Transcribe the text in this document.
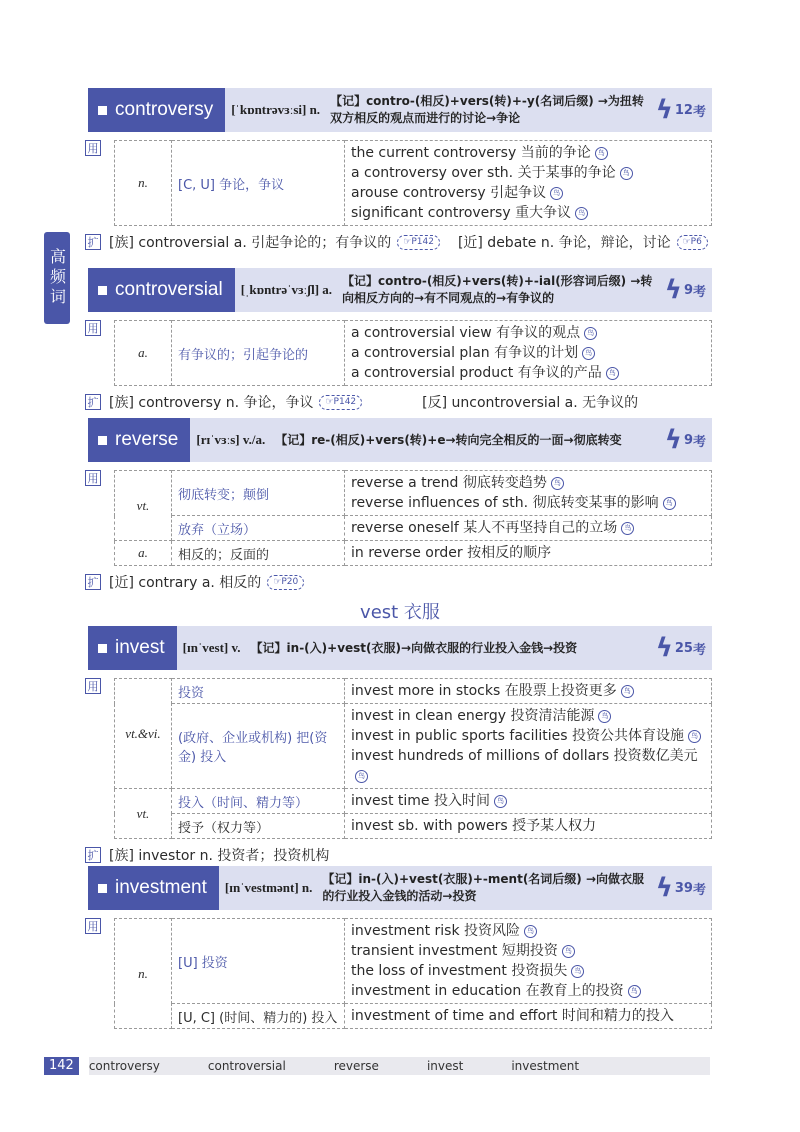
高频词
controversy [ˈkɒntrəvɜːsi] n.
【记】contro-(相反)+vers(转)+-y(名词后缀) →为扭转双方相反的观点而进行的讨论→争论	ϟ 12 考
用
n.	[C, U] 争论，争议	
the current controversy 当前的争论 鸟
a controversy over sth. 关于某事的争论 鸟
arouse controversy 引起争议 鸟
significant controversy 重大争议 鸟
扩 [族] controversial a. 引起争论的；有争议的	☞P142	[近] debate n. 争论，辩论，讨论	☞P6
controversial [ˌkɒntrəˈvɜːʃl] a.
【记】contro-(相反)+vers(转)+-ial(形容词后缀) →转向相反方向的→有不同观点的→有争议的	ϟ 9 考
用
a.	有争议的；引起争论的	
a controversial view 有争议的观点 鸟
a controversial plan 有争议的计划 鸟
a controversial product 有争议的产品 鸟
扩 [族] controversy n. 争论，争议	☞P142	[反] uncontroversial a. 无争议的
reverse [rɪˈvɜːs] v./a. 【记】re-(相反)+vers(转)+e→转向完全相反的一面→彻底转变	ϟ 9 考
用
vt.	彻底转变；颠倒	reverse a trend 彻底转变趋势 鸟
reverse influences of sth. 彻底转变某事的影响 鸟

	放弃（立场）	reverse oneself 某人不再坚持自己的立场 鸟

a.	相反的；反面的	in reverse order 按相反的顺序
扩 [近] contrary a. 相反的	☞P20
vest 衣服
invest [ɪnˈvest] v. 【记】in-(入)+vest(衣服)→向做衣服的行业投入金钱→投资	ϟ 25 考
用
vt.&vi.	投资	invest more in stocks 在股票上投资更多 鸟

	(政府、企业或机构) 把(资金) 投入	invest in clean energy 投资清洁能源 鸟
invest in public sports facilities 投资公共体育设施 鸟
invest hundreds of millions of dollars 投资数亿美元鸟

vt.	投入（时间、精力等）	invest time 投入时间 鸟

	授予（权力等）	invest sb. with powers 授予某人权力
扩 [族] investor n. 投资者；投资机构
investment [ɪnˈvestmənt] n.
【记】in-(入)+vest(衣服)+-ment(名词后缀) →向做衣服的行业投入金钱的活动→投资	ϟ 39 考
用
n.	[U] 投资	investment risk 投资风险 鸟
transient investment 短期投资 鸟
the loss of investment 投资损失 鸟
investment in education 在教育上的投资 鸟

	[U, C] (时间、精力的) 投入	investment of time and effort 时间和精力的投入
142	controversy	controversial	reverse	invest	investment
